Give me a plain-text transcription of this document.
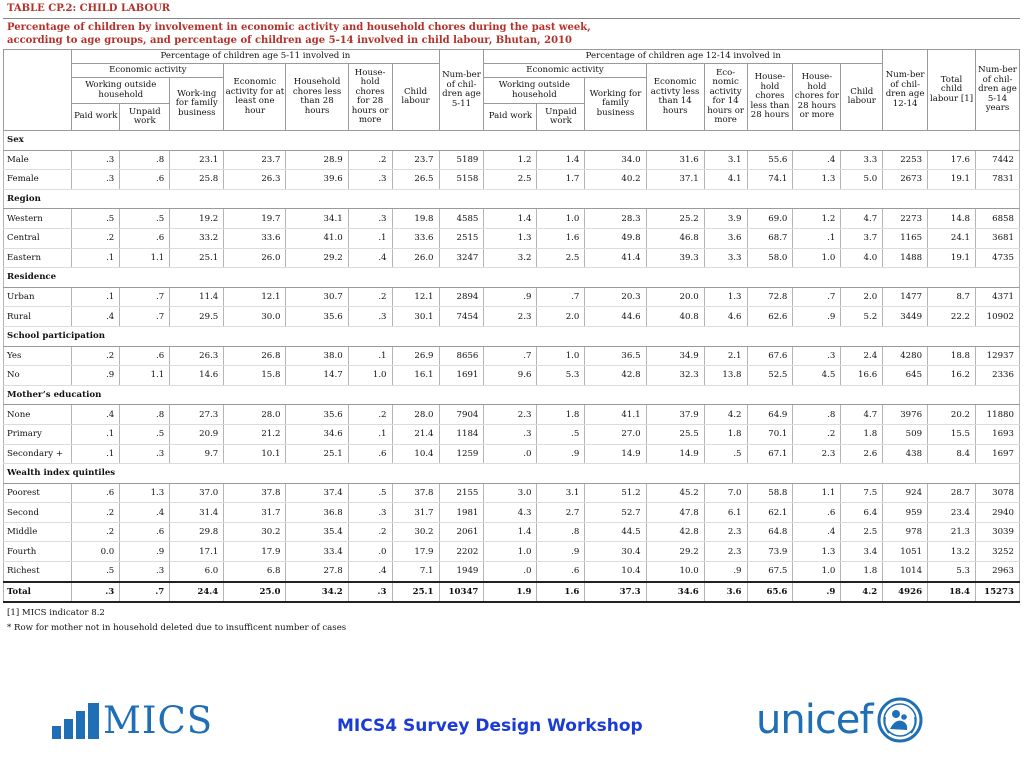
TABLE CP.2: CHILD LABOUR
Percentage of children by involvement in economic activity and household chores during the past week,
according to age groups, and percentage of children age 5-14 involved in child labour, Bhutan, 2010
	Percentage of children age 5-11 involved in							Num-ber of chil-dren age 5-11	Percentage of children age 12-14 involved in								Num-ber of chil-dren age 12-14	Total child labour [1]	Num-ber of chil-dren age 5-14 years
	Economic activity			Economic activity for at least one hour	Household chores less than 28 hours	House-hold chores for 28 hours or more	Child labour		Economic activity			Economic activty less than 14 hours	Eco-nomic activity for 14 hours or more	House-hold chores less than 28 hours	House-hold chores for 28 hours or more	Child labour			
	Working outside household		Work-ing for family business						Working outside household		Working for family business								
	Paid work	Unpaid work							Paid work	Unpaid work									
Sex																			
Male	.3	.8	23.1	23.7	28.9	.2	23.7	5189	1.2	1.4	34.0	31.6	3.1	55.6	.4	3.3	2253	17.6	7442
Female	.3	.6	25.8	26.3	39.6	.3	26.5	5158	2.5	1.7	40.2	37.1	4.1	74.1	1.3	5.0	2673	19.1	7831
Region																			
Western	.5	.5	19.2	19.7	34.1	.3	19.8	4585	1.4	1.0	28.3	25.2	3.9	69.0	1.2	4.7	2273	14.8	6858
Central	.2	.6	33.2	33.6	41.0	.1	33.6	2515	1.3	1.6	49.8	46.8	3.6	68.7	.1	3.7	1165	24.1	3681
Eastern	.1	1.1	25.1	26.0	29.2	.4	26.0	3247	3.2	2.5	41.4	39.3	3.3	58.0	1.0	4.0	1488	19.1	4735
Residence																			
Urban	.1	.7	11.4	12.1	30.7	.2	12.1	2894	.9	.7	20.3	20.0	1.3	72.8	.7	2.0	1477	8.7	4371
Rural	.4	.7	29.5	30.0	35.6	.3	30.1	7454	2.3	2.0	44.6	40.8	4.6	62.6	.9	5.2	3449	22.2	10902
School participation																			
Yes	.2	.6	26.3	26.8	38.0	.1	26.9	8656	.7	1.0	36.5	34.9	2.1	67.6	.3	2.4	4280	18.8	12937
No	.9	1.1	14.6	15.8	14.7	1.0	16.1	1691	9.6	5.3	42.8	32.3	13.8	52.5	4.5	16.6	645	16.2	2336
Mother’s education																			
None	.4	.8	27.3	28.0	35.6	.2	28.0	7904	2.3	1.8	41.1	37.9	4.2	64.9	.8	4.7	3976	20.2	11880
Primary	.1	.5	20.9	21.2	34.6	.1	21.4	1184	.3	.5	27.0	25.5	1.8	70.1	.2	1.8	509	15.5	1693
Secondary +	.1	.3	9.7	10.1	25.1	.6	10.4	1259	.0	.9	14.9	14.9	.5	67.1	2.3	2.6	438	8.4	1697
Wealth index quintiles																			
Poorest	.6	1.3	37.0	37.8	37.4	.5	37.8	2155	3.0	3.1	51.2	45.2	7.0	58.8	1.1	7.5	924	28.7	3078
Second	.2	.4	31.4	31.7	36.8	.3	31.7	1981	4.3	2.7	52.7	47.8	6.1	62.1	.6	6.4	959	23.4	2940
Middle	.2	.6	29.8	30.2	35.4	.2	30.2	2061	1.4	.8	44.5	42.8	2.3	64.8	.4	2.5	978	21.3	3039
Fourth	0.0	.9	17.1	17.9	33.4	.0	17.9	2202	1.0	.9	30.4	29.2	2.3	73.9	1.3	3.4	1051	13.2	3252
Richest	.5	.3	6.0	6.8	27.8	.4	7.1	1949	.0	.6	10.4	10.0	.9	67.5	1.0	1.8	1014	5.3	2963
Total	.3	.7	24.4	25.0	34.2	.3	25.1	10347	1.9	1.6	37.3	34.6	3.6	65.6	.9	4.2	4926	18.4	15273
[1] MICS indicator 8.2
* Row for mother not in household deleted due to insufficent number of cases
MICS	MICS4 Survey Design Workshop	unicef
